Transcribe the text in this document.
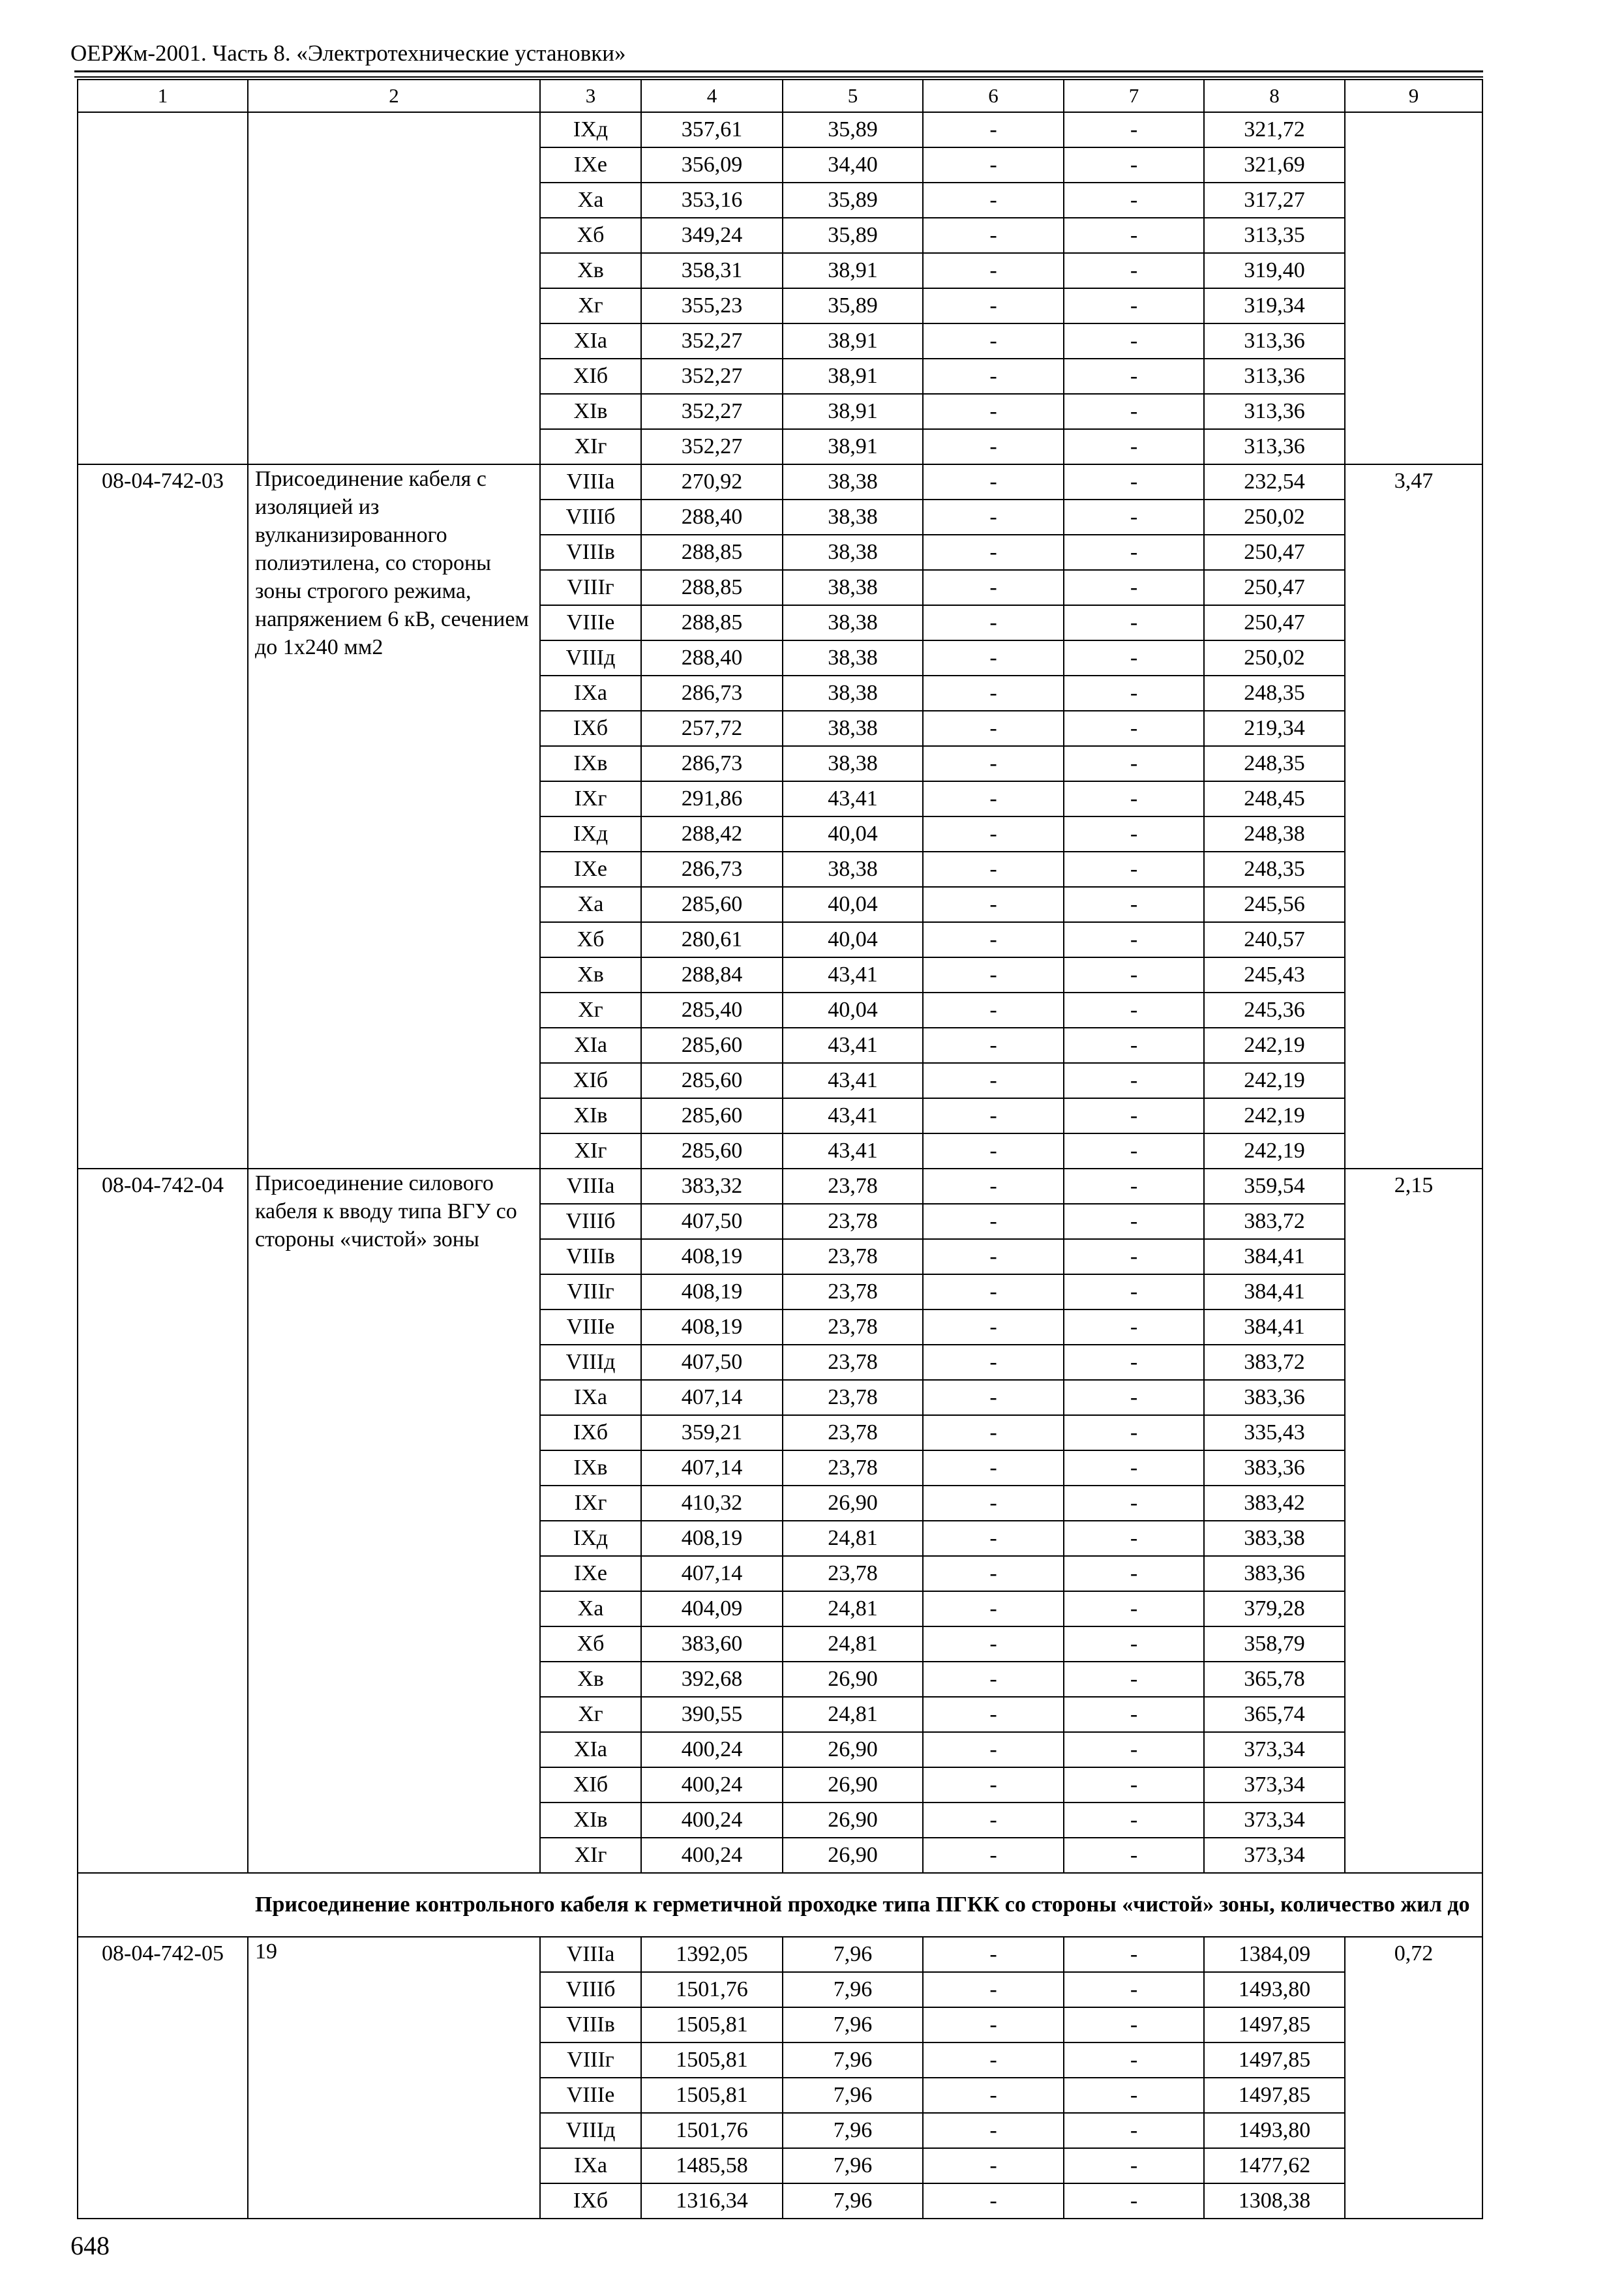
ОЕРЖм-2001. Часть 8. «Электротехнические установки»
1	2	3	4	5	6	7	8	9
		IXд	357,61	35,89	-	-	321,72	
		IXе	356,09	34,40	-	-	321,69	
		Xа	353,16	35,89	-	-	317,27	
		Xб	349,24	35,89	-	-	313,35	
		Xв	358,31	38,91	-	-	319,40	
		Xг	355,23	35,89	-	-	319,34	
		XIа	352,27	38,91	-	-	313,36	
		XIб	352,27	38,91	-	-	313,36	
		XIв	352,27	38,91	-	-	313,36	
		XIг	352,27	38,91	-	-	313,36	
08-04-742-03	Присоединение кабеля с изоляцией из вулканизированного полиэтилена, со стороны зоны строгого режима, напряжением 6 кВ, сечением до 1х240 мм2	VIIIа	270,92	38,38	-	-	232,54	3,47
		VIIIб	288,40	38,38	-	-	250,02	
		VIIIв	288,85	38,38	-	-	250,47	
		VIIIг	288,85	38,38	-	-	250,47	
		VIIIе	288,85	38,38	-	-	250,47	
		VIIIд	288,40	38,38	-	-	250,02	
		IXа	286,73	38,38	-	-	248,35	
		IXб	257,72	38,38	-	-	219,34	
		IXв	286,73	38,38	-	-	248,35	
		IXг	291,86	43,41	-	-	248,45	
		IXд	288,42	40,04	-	-	248,38	
		IXе	286,73	38,38	-	-	248,35	
		Xа	285,60	40,04	-	-	245,56	
		Xб	280,61	40,04	-	-	240,57	
		Xв	288,84	43,41	-	-	245,43	
		Xг	285,40	40,04	-	-	245,36	
		XIа	285,60	43,41	-	-	242,19	
		XIб	285,60	43,41	-	-	242,19	
		XIв	285,60	43,41	-	-	242,19	
		XIг	285,60	43,41	-	-	242,19	
08-04-742-04	Присоединение силового кабеля к вводу типа ВГУ со стороны «чистой» зоны	VIIIа	383,32	23,78	-	-	359,54	2,15
		VIIIб	407,50	23,78	-	-	383,72	
		VIIIв	408,19	23,78	-	-	384,41	
		VIIIг	408,19	23,78	-	-	384,41	
		VIIIе	408,19	23,78	-	-	384,41	
		VIIIд	407,50	23,78	-	-	383,72	
		IXа	407,14	23,78	-	-	383,36	
		IXб	359,21	23,78	-	-	335,43	
		IXв	407,14	23,78	-	-	383,36	
		IXг	410,32	26,90	-	-	383,42	
		IXд	408,19	24,81	-	-	383,38	
		IXе	407,14	23,78	-	-	383,36	
		Xа	404,09	24,81	-	-	379,28	
		Xб	383,60	24,81	-	-	358,79	
		Xв	392,68	26,90	-	-	365,78	
		Xг	390,55	24,81	-	-	365,74	
		XIа	400,24	26,90	-	-	373,34	
		XIб	400,24	26,90	-	-	373,34	
		XIв	400,24	26,90	-	-	373,34	
		XIг	400,24	26,90	-	-	373,34	
Присоединение контрольного кабеля к герметичной проходке типа ПГКК со стороны «чистой» зоны, количество жил до								
08-04-742-05	19	VIIIа	1392,05	7,96	-	-	1384,09	0,72
		VIIIб	1501,76	7,96	-	-	1493,80	
		VIIIв	1505,81	7,96	-	-	1497,85	
		VIIIг	1505,81	7,96	-	-	1497,85	
		VIIIе	1505,81	7,96	-	-	1497,85	
		VIIIд	1501,76	7,96	-	-	1493,80	
		IXа	1485,58	7,96	-	-	1477,62	
		IXб	1316,34	7,96	-	-	1308,38	
648
